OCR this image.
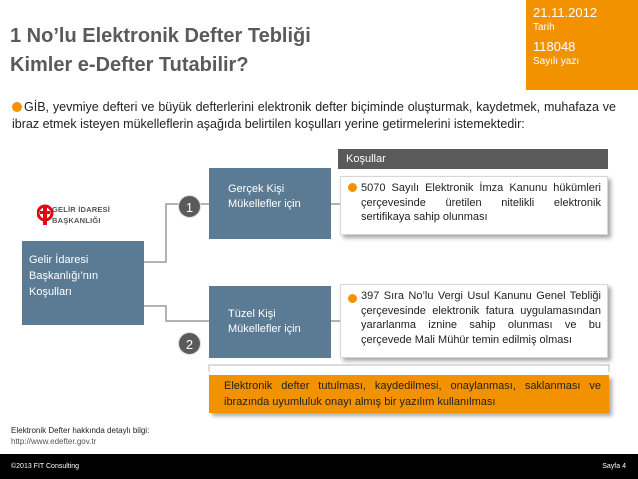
1 No’lu Elektronik Defter Tebliği
Kimler e-Defter Tutabilir?
21.11.2012
Tarih
118048
Sayılı yazı
GİB, yevmiye defteri ve büyük defterlerini elektronik defter biçiminde oluşturmak, kaydetmek, muhafaza ve ibraz etmek isteyen mükelleflerin aşağıda belirtilen koşulları yerine getirmelerini istemektedir:
Koşullar
GELİR İDARESİ
BAŞKANLIĞI
Gelir İdaresi
Başkanlığı’nın
Koşulları
Gerçek Kişi
Mükellefler için
1
Tüzel Kişi
Mükellefler için
2
5070 Sayılı Elektronik İmza Kanunu hükümleri çerçevesinde üretilen nitelikli elektronik sertifikaya sahip olunması
397 Sıra No’lu Vergi Usul Kanunu Genel Tebliği çerçevesinde elektronik fatura uygulamasından yararlanma iznine sahip olunması ve bu çerçevede Mali Mühür temin edilmiş olması
Elektronik defter tutulması, kaydedilmesi, onaylanması, saklanması ve ibrazında uyumluluk onayı almış bir yazılım kullanılması
Elektronik Defter hakkında detaylı bilgi:
http://www.edefter.gov.tr
©2013 FIT Consulting	Sayfa 4
